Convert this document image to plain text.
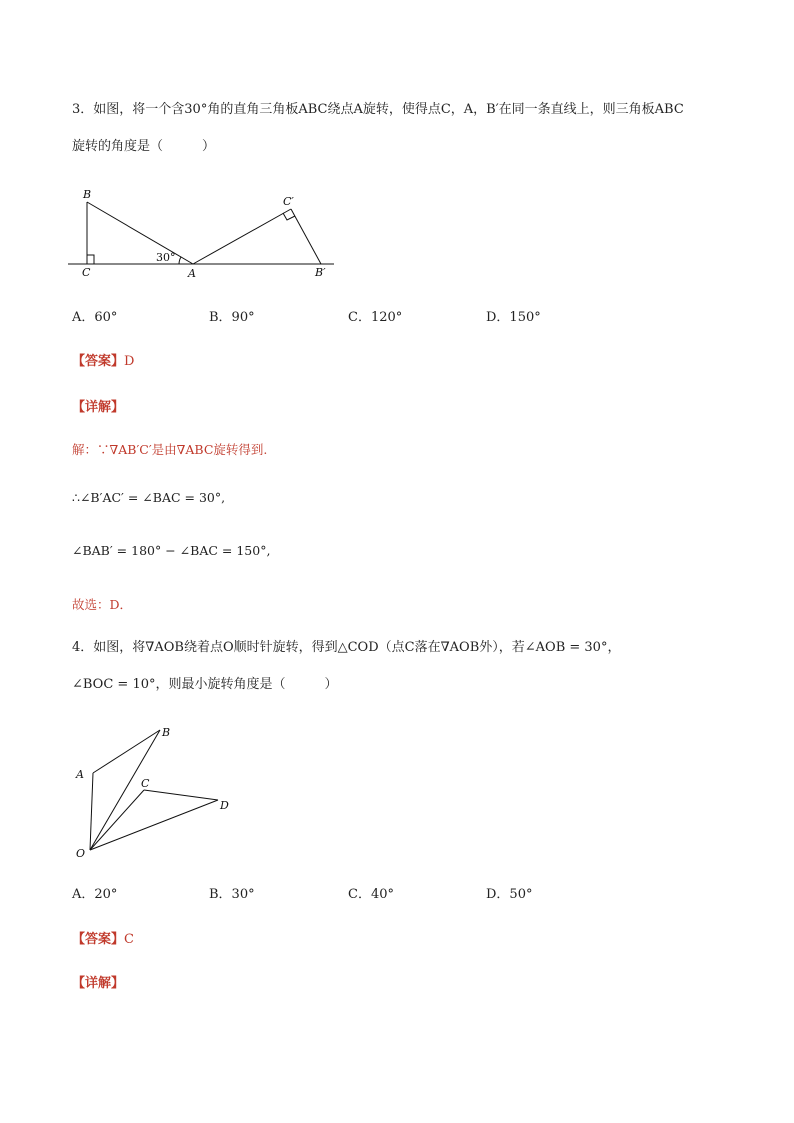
3．如图，将一个含30°角的直角三角板ABC绕点A旋转，使得点C，A，B′在同一条直线上，则三角板ABC
旋转的角度是（　　　）
B
C	A
C′
B′
30°
A．60°	B．90°	C．120°	D．150°
【答案】D
【详解】
解：∵∇AB′C′是由∇ABC旋转得到.
∴∠B′AC′ = ∠BAC = 30°,
∠BAB′ = 180° − ∠BAC = 150°,
故选：D．
4．如图，将∇AOB绕着点O顺时针旋转，得到△COD（点C落在∇AOB外），若∠AOB = 30°，
∠BOC = 10°，则最小旋转角度是（　　　）
A
B
C
D
O
A．20°	B．30°	C．40°	D．50°
【答案】C
【详解】
